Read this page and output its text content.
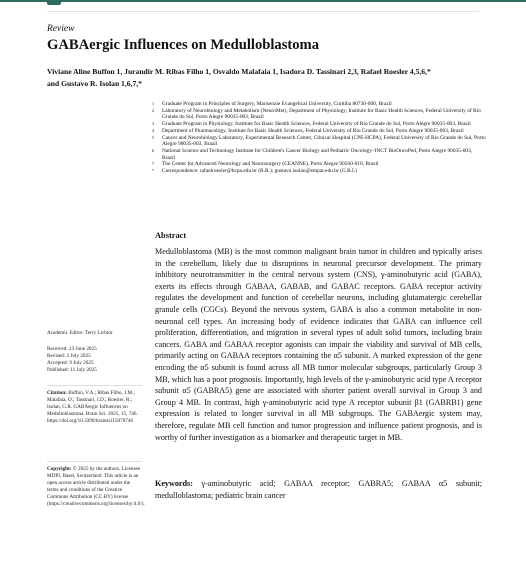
Review
GABAergic Influences on Medulloblastoma
Viviane Aline Buffon 1, Jurandir M. Ribas Filho 1, Osvaldo Malafaia 1, Isadora D. Tassinari 2,3, Rafael Roesler 4,5,6,*
and Gustavo R. Isolan 1,6,7,*
1	Graduate Program in Principles of Surgery, Mackenzie Evangelical University, Curitiba 80730-000, Brazil
2	Laboratory of Neurobiology and Metabolism (NeuroMet), Department of Physiology, Institute for Basic Health Sciences, Federal University of Rio Grande do Sul, Porto Alegre 90035-003, Brazil
3	Graduate Program in Physiology, Institute for Basic Health Sciences, Federal University of Rio Grande do Sul, Porto Alegre 90035-003, Brazil
4	Department of Pharmacology, Institute for Basic Health Sciences, Federal University of Rio Grande do Sul, Porto Alegre 90035-003, Brazil
5	Cancer and Neurobiology Laboratory, Experimental Research Center, Clinical Hospital (CPE-HCPA), Federal University of Rio Grande do Sul, Porto Alegre 90035-003, Brazil
6	National Science and Technology Institute for Children's Cancer Biology and Pediatric Oncology–INCT BioOncoPed, Porto Alegre 90035-003, Brazil
7	The Center for Advanced Neurology and Neurosurgery (CEANNE), Porto Alegre 90560-010, Brazil
*	Correspondence: rafaelroesler@hcpa.edu.br (R.R.); gustavo.isolan@empar.edu.br (G.R.I.)
Abstract
Medulloblastoma (MB) is the most common malignant brain tumor in children and typically arises in the cerebellum, likely due to disruptions in neuronal precursor development. The primary inhibitory neurotransmitter in the central nervous system (CNS), γ-aminobutyric acid (GABA), exerts its effects through GABAA, GABAB, and GABAC receptors. GABA receptor activity regulates the development and function of cerebellar neurons, including glutamatergic cerebellar granule cells (CGCs). Beyond the nervous system, GABA is also a common metabolite in non-neuronal cell types. An increasing body of evidence indicates that GABA can influence cell proliferation, differentiation, and migration in several types of adult solid tumors, including brain cancers. GABA and GABAA receptor agonists can impair the viability and survival of MB cells, primarily acting on GABAA receptors containing the α5 subunit. A marked expression of the gene encoding the α5 subunit is found across all MB tumor molecular subgroups, particularly Group 3 MB, which has a poor prognosis. Importantly, high levels of the γ-aminobutyric acid type A receptor subunit α5 (GABRA5) gene are associated with shorter patient overall survival in Group 3 and Group 4 MB. In contrast, high γ-aminobutyric acid type A receptor subunit β1 (GABRB1) gene expression is related to longer survival in all MB subgroups. The GABAergic system may, therefore, regulate MB cell function and tumor progression and influence patient prognosis, and is worthy of further investigation as a biomarker and therapeutic target in MB.
Keywords: γ-aminobutyric acid; GABAA receptor; GABRA5; GABAA α5 subunit; medulloblastoma; pediatric brain cancer
Academic Editor: Terry Lichtor
Received: 23 June 2025
Revised: 2 July 2025
Accepted: 9 July 2025
Published: 11 July 2025
Citation: Buffon, V.A.; Ribas Filho, J.M.; Malafaia, O.; Tassinari, I.D.; Roesler, R.; Isolan, G.R. GABAergic Influences on Medulloblastoma. Brain Sci. 2025, 15, 746. https://doi.org/10.3390/brainsci15070746
Copyright: © 2025 by the authors. Licensee MDPI, Basel, Switzerland. This article is an open access article distributed under the terms and conditions of the Creative Commons Attribution (CC BY) license (https://creativecommons.org/licenses/by/4.0/).
